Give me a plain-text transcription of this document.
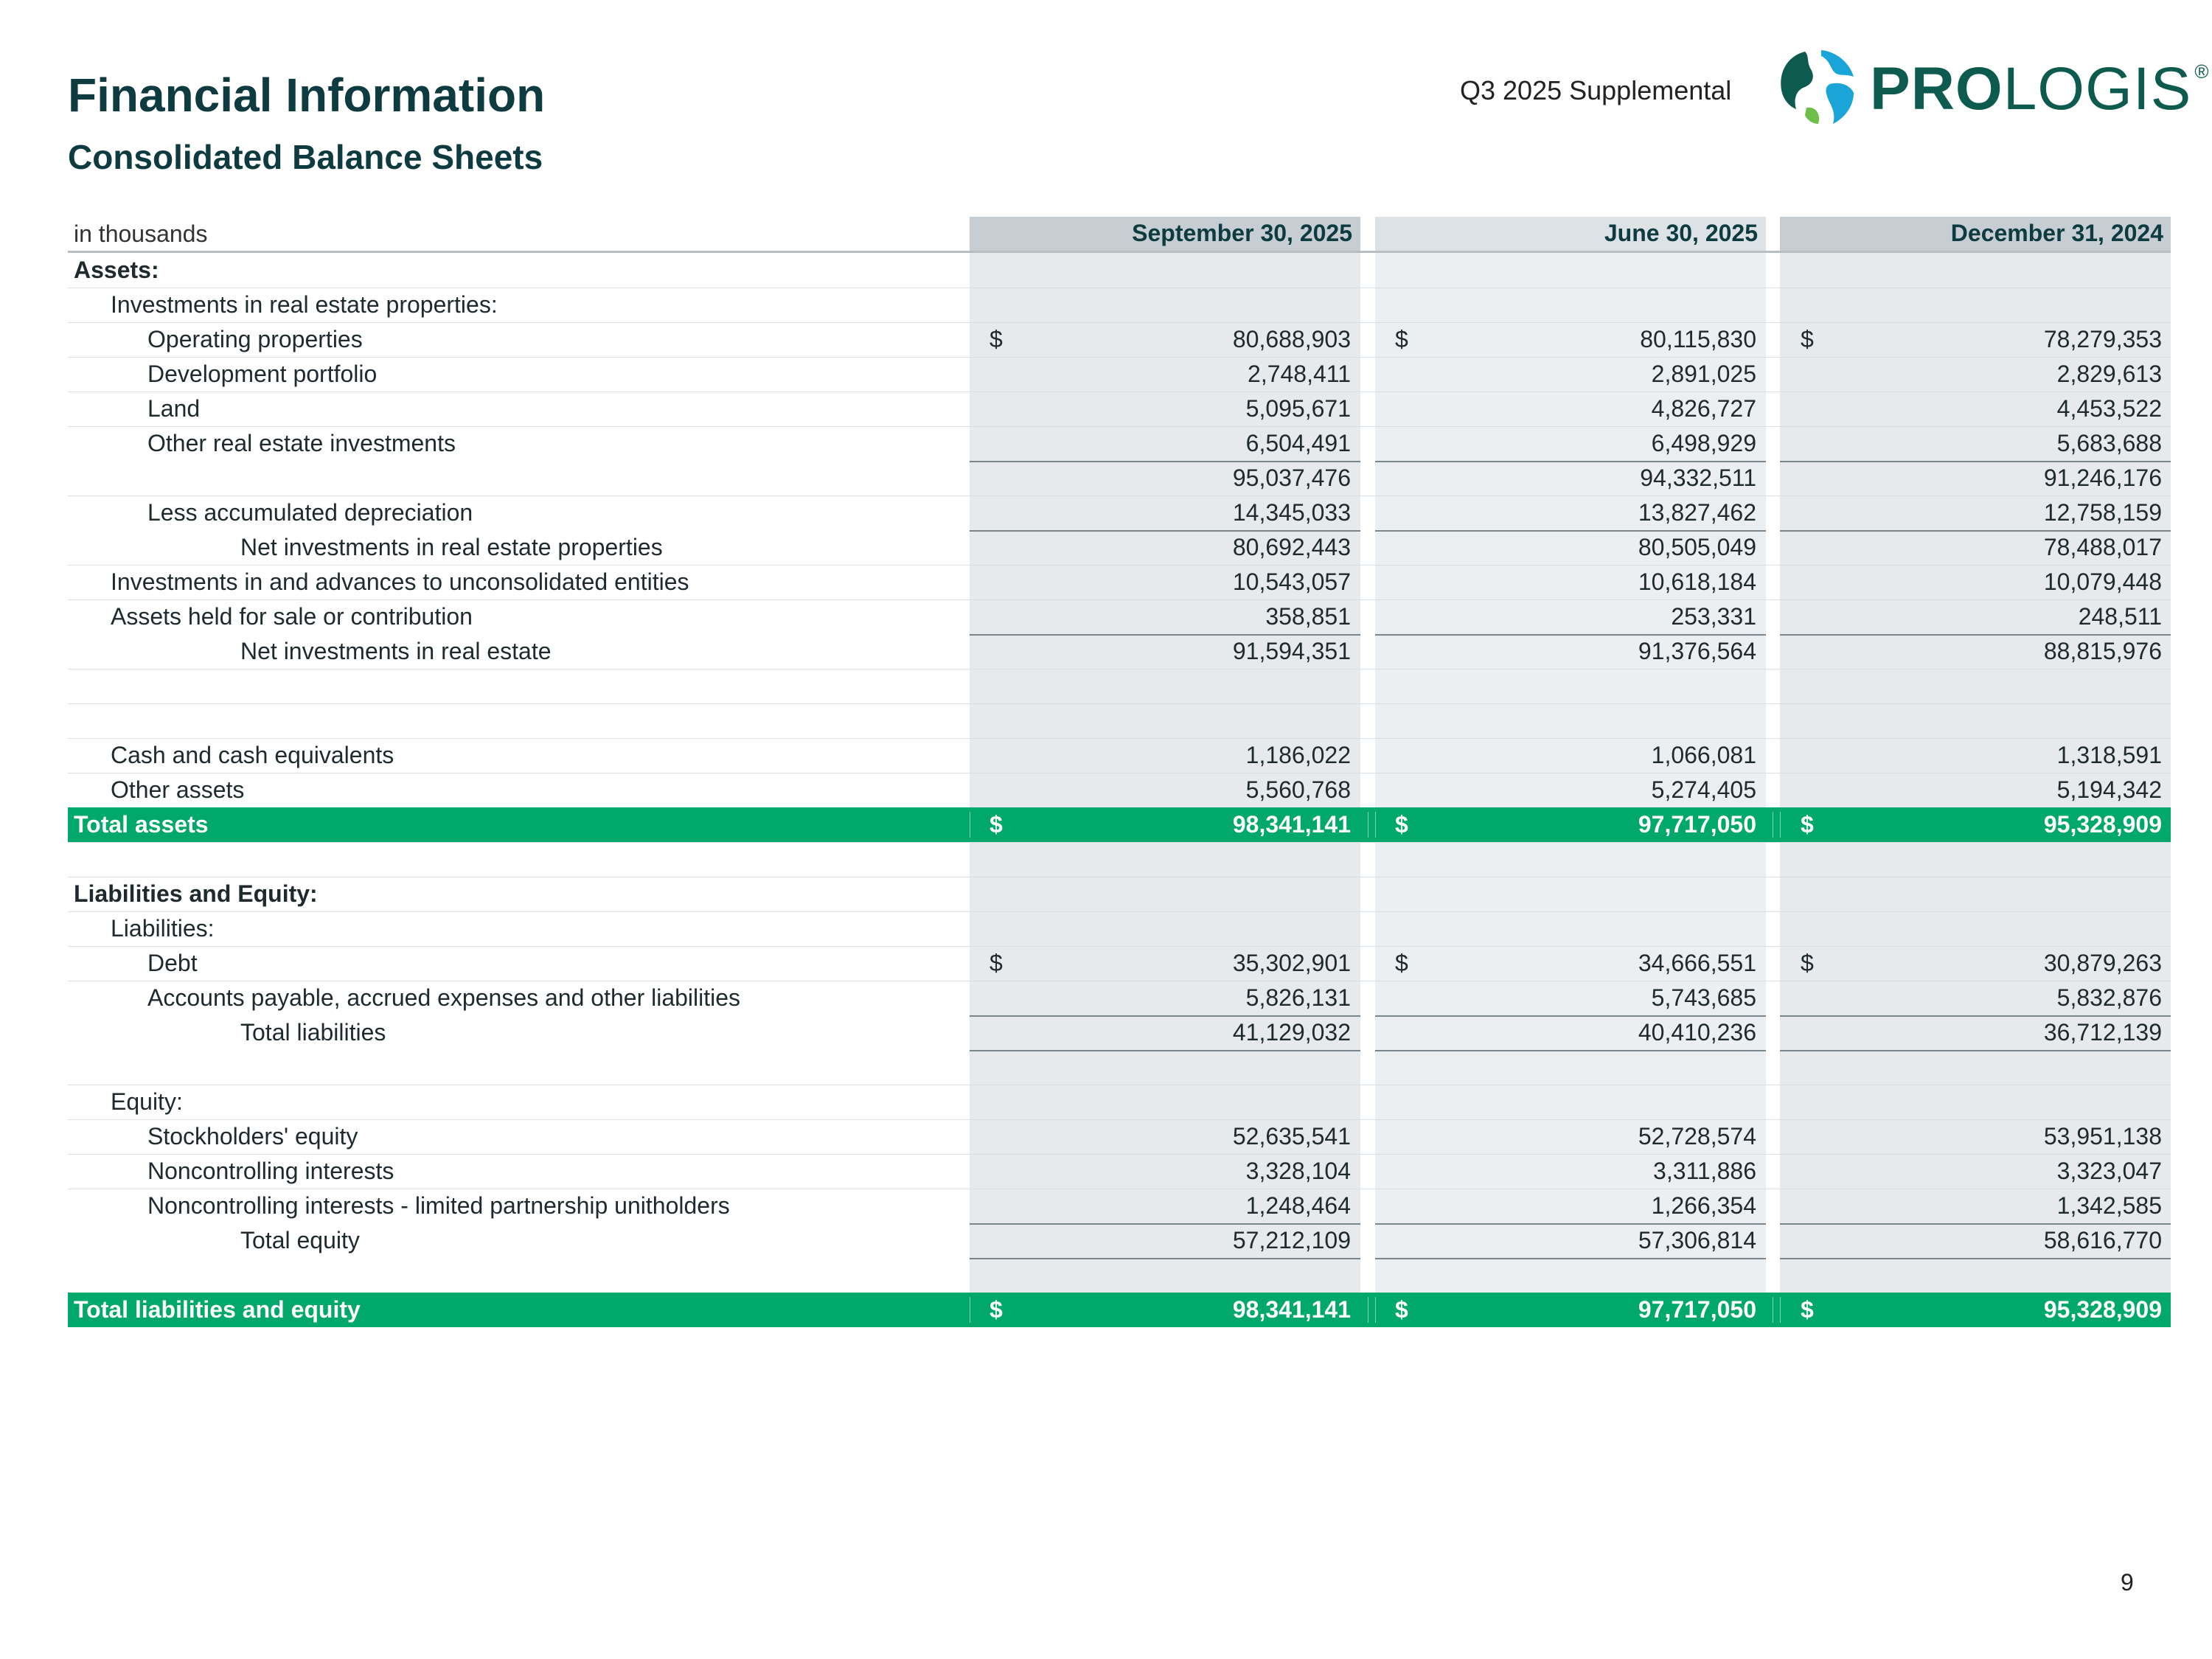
Financial Information
Consolidated Balance Sheets
Q3 2025 Supplemental PROLOGIS ®
in thousands	September 30, 2025	June 30, 2025	December 31, 2024
Assets:
Investments in real estate properties:
Operating properties	$	80,688,903 $	80,115,830 $	78,279,353
Development portfolio	2,748,411	2,891,025	2,829,613
Land	5,095,671	4,826,727	4,453,522
Other real estate investments	6,504,491	6,498,929	5,683,688
95,037,476	94,332,511	91,246,176
Less accumulated depreciation	14,345,033	13,827,462	12,758,159
Net investments in real estate properties	80,692,443	80,505,049	78,488,017
Investments in and advances to unconsolidated entities	10,543,057	10,618,184	10,079,448
Assets held for sale or contribution	358,851	253,331	248,511
Net investments in real estate	91,594,351	91,376,564	88,815,976
Cash and cash equivalents	1,186,022	1,066,081	1,318,591
Other assets	5,560,768	5,274,405	5,194,342
Total assets	$	98,341,141 $	97,717,050 $	95,328,909
Liabilities and Equity:
Liabilities:
Debt	$	35,302,901 $	34,666,551 $	30,879,263
Accounts payable, accrued expenses and other liabilities	5,826,131	5,743,685	5,832,876
Total liabilities	41,129,032	40,410,236	36,712,139
Equity:
Stockholders' equity	52,635,541	52,728,574	53,951,138
Noncontrolling interests	3,328,104	3,311,886	3,323,047
Noncontrolling interests - limited partnership unitholders	1,248,464	1,266,354	1,342,585
Total equity	57,212,109	57,306,814	58,616,770
Total liabilities and equity	$	98,341,141 $	97,717,050 $	95,328,909
9
